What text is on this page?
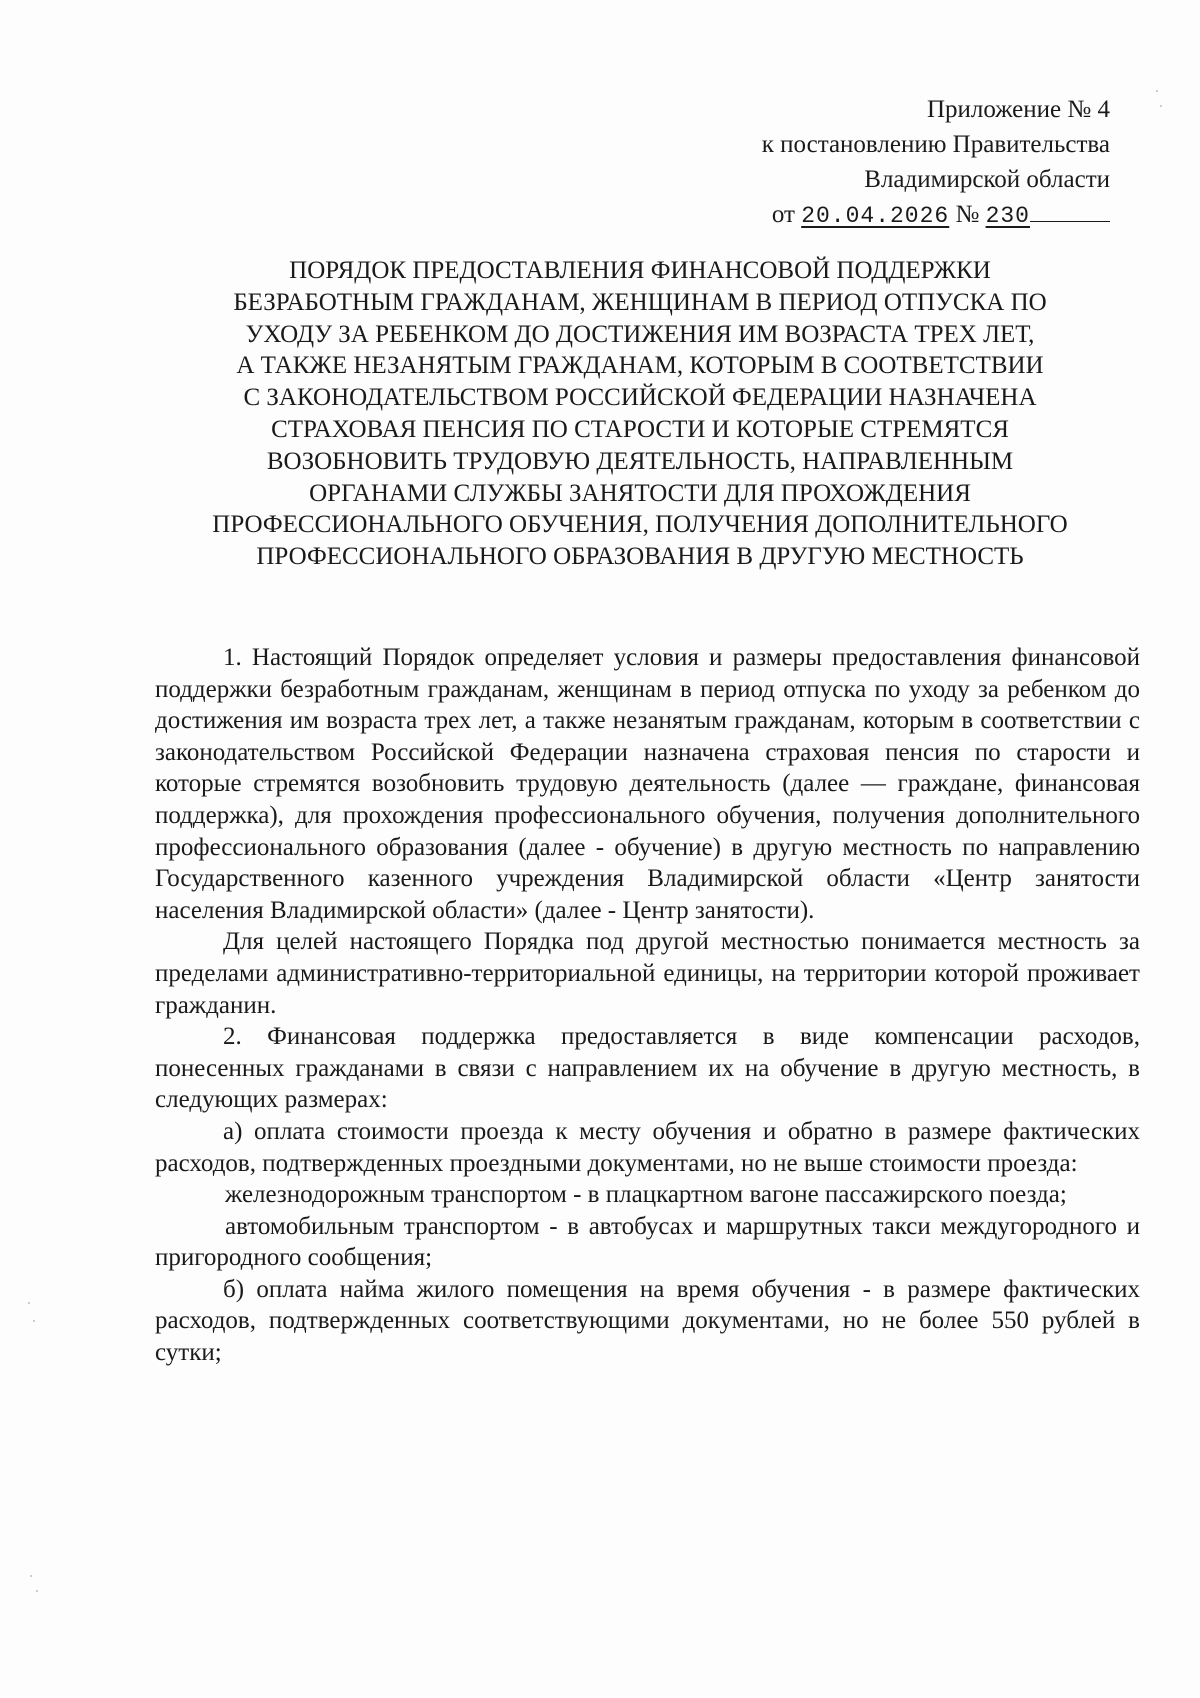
Приложение № 4
к постановлению Правительства
Владимирской области
от 20.04.2026 № 230
ПОРЯДОК ПРЕДОСТАВЛЕНИЯ ФИНАНСОВОЙ ПОДДЕРЖКИ
БЕЗРАБОТНЫМ ГРАЖДАНАМ, ЖЕНЩИНАМ В ПЕРИОД ОТПУСКА ПО
УХОДУ ЗА РЕБЕНКОМ ДО ДОСТИЖЕНИЯ ИМ ВОЗРАСТА ТРЕХ ЛЕТ,
А ТАКЖЕ НЕЗАНЯТЫМ ГРАЖДАНАМ, КОТОРЫМ В СООТВЕТСТВИИ
С ЗАКОНОДАТЕЛЬСТВОМ РОССИЙСКОЙ ФЕДЕРАЦИИ НАЗНАЧЕНА
СТРАХОВАЯ ПЕНСИЯ ПО СТАРОСТИ И КОТОРЫЕ СТРЕМЯТСЯ
ВОЗОБНОВИТЬ ТРУДОВУЮ ДЕЯТЕЛЬНОСТЬ, НАПРАВЛЕННЫМ
ОРГАНАМИ СЛУЖБЫ ЗАНЯТОСТИ ДЛЯ ПРОХОЖДЕНИЯ
ПРОФЕССИОНАЛЬНОГО ОБУЧЕНИЯ, ПОЛУЧЕНИЯ ДОПОЛНИТЕЛЬНОГО
ПРОФЕССИОНАЛЬНОГО ОБРАЗОВАНИЯ В ДРУГУЮ МЕСТНОСТЬ

1. Настоящий Порядок определяет условия и размеры предоставления финансовой поддержки безработным гражданам, женщинам в период отпуска по уходу за ребенком до достижения им возраста трех лет, а также незанятым гражданам, которым в соответствии с законодательством Российской Федерации назначена страховая пенсия по старости и которые стремятся возобновить трудовую деятельность (далее — граждане, финансовая поддержка), для прохождения профессионального обучения, получения дополнительного профессионального образования (далее - обучение) в другую местность по направлению Государственного казенного учреждения Владимирской области «Центр занятости населения Владимирской области» (далее - Центр занятости).

Для целей настоящего Порядка под другой местностью понимается местность за пределами административно-территориальной единицы, на территории которой проживает гражданин.

2. Финансовая поддержка предоставляется в виде компенсации расходов, понесенных гражданами в связи с направлением их на обучение в другую местность, в следующих размерах:

а) оплата стоимости проезда к месту обучения и обратно в размере фактических расходов, подтвержденных проездными документами, но не выше стоимости проезда:

железнодорожным транспортом - в плацкартном вагоне пассажирского поезда;

автомобильным транспортом - в автобусах и маршрутных такси междугородного и пригородного сообщения;

б) оплата найма жилого помещения на время обучения - в размере фактических расходов, подтвержденных соответствующими документами, но не более 550 рублей в сутки;
